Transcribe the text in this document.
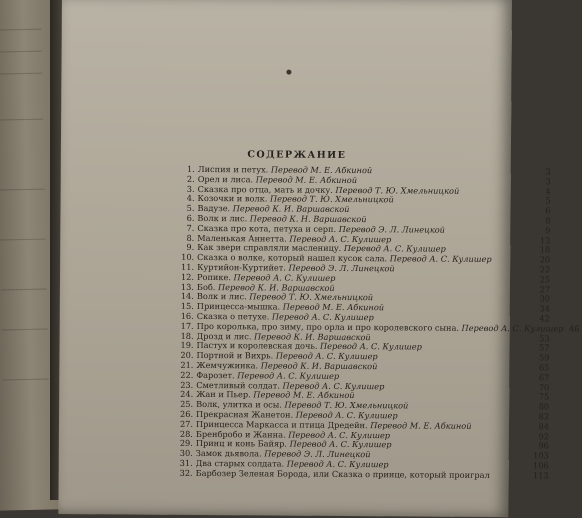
СОДЕРЖАНИЕ
1. Лиспия и петух. Перевод М. Е. Абкиной	3
2. Орел и лиса. Перевод М. Е. Абкиной	3
3. Сказка про отца, мать и дочку. Перевод Т. Ю. Хмельницкой	4
4. Козочки и волк. Перевод Т. Ю. Хмельницкой	5
5. Вадузе. Перевод К. И. Варшавской	6
6. Волк и лис. Перевод К. Н. Варшавской	8
7. Сказка про кота, петуха и серп. Перевод Э. Л. Линецкой	9
8. Маленькая Аннетта. Перевод А. С. Кулишер	13
9. Как звери справляли масленицу. Перевод А. С. Кулишер	18
10. Сказка о волке, который нашел кусок сала. Перевод А. С. Кулишер	20
11. Куртийон-Куртийет. Перевод Э. Л. Линецкой	22
12. Ропике. Перевод А. С. Кулишер	25
13. Боб. Перевод К. И. Варшавской	27
14. Волк и лис. Перевод Т. Ю. Хмельницкой	30
15. Принцесса-мышка. Перевод М. Е. Абкиной	34
16. Сказка о петухе. Перевод А. С. Кулишер	42
17. Про королька, про зиму, про орла и про королевского сына. Перевод А. С. Кулишер 46
18. Дрозд и лис. Перевод К. И. Варшавской	53
19. Пастух и королевская дочь. Перевод А. С. Кулишер	57
20. Портной и Вихрь. Перевод А. С. Кулишер	59
21. Жемчужинка. Перевод К. И. Варшавской	65
22. Фарозет. Перевод А. С. Кулишер	67
23. Сметливый солдат. Перевод А. С. Кулишер	70
24. Жан и Пьер. Перевод М. Е. Абкиной	75
25. Волк, улитка и осы. Перевод Т. Ю. Хмельницкой	80
26. Прекрасная Жанетон. Перевод А. С. Кулишер	82
27. Принцесса Маркасса и птица Дредейн. Перевод М. Е. Абкиной	84
28. Бренбробо и Жанна. Перевод А. С. Кулишер	92
29. Принц и конь Байяр. Перевод А. С. Кулишер	96
30. Замок дьявола. Перевод Э. Л. Линецкой	103
31. Два старых солдата. Перевод А. С. Кулишер	106
32. Барбозер Зеленая Борода, или Сказка о принце, который проиграл	113
